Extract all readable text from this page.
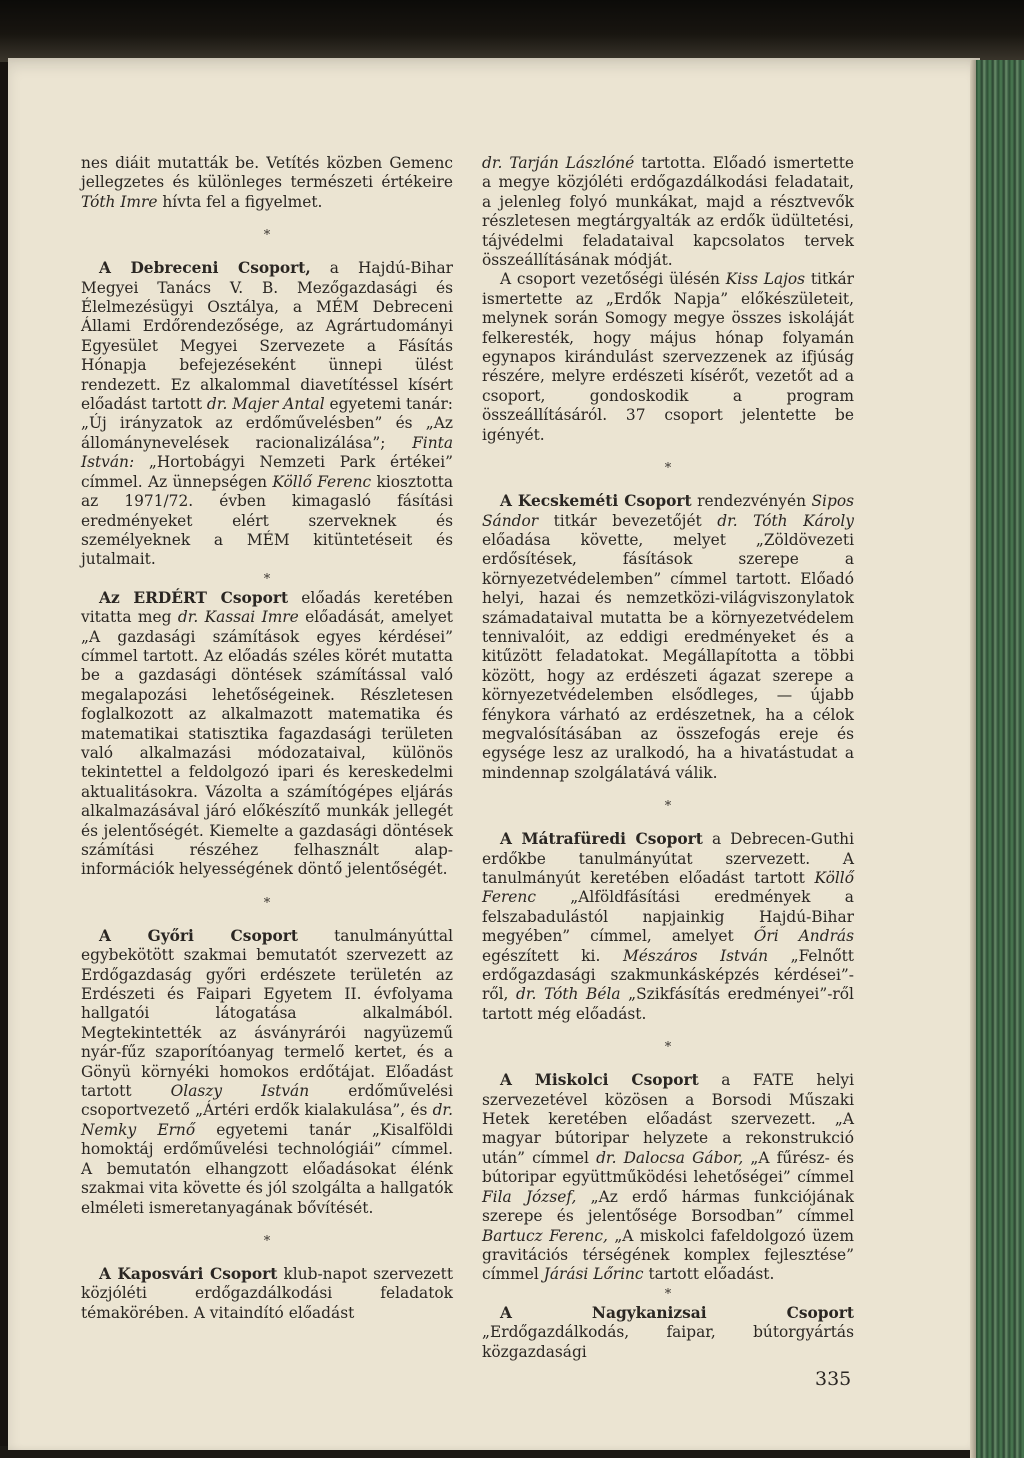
nes diáit mutatták be. Vetítés közben Gemenc jellegzetes és különleges természeti értékeire Tóth Imre hívta fel a figyelmet.

*

A Debreceni Csoport, a Hajdú-Bihar Megyei Tanács V. B. Mezőgazdasági és Élelmezésügyi Osztálya, a MÉM Debreceni Állami Erdőrendezősége, az Agrártudományi Egyesület Megyei Szervezete a Fásítás Hónapja befejezéseként ünnepi ülést rendezett. Ez alkalommal diavetítéssel kísért előadást tartott dr. Majer Antal egyetemi tanár: „Új irányzatok az erdőművelésben” és „Az állománynevelések racionalizálása”; Finta István: „Hortobágyi Nemzeti Park értékei” címmel. Az ünnepségen Köllő Ferenc kiosztotta az 1971/72. évben kimagasló fásítási eredményeket elért szerveknek és személyeknek a MÉM kitüntetéseit és jutalmait.

*

Az ERDÉRT Csoport előadás keretében vitatta meg dr. Kassai Imre előadását, amelyet „A gazdasági számítások egyes kérdései” címmel tartott. Az előadás széles körét mutatta be a gazdasági döntések számítással való megalapozási lehetőségeinek. Részletesen foglalkozott az alkalmazott matematika és matematikai statisztika fagazdasági területen való alkalmazási módozataival, különös tekintettel a feldolgozó ipari és kereskedelmi aktualitásokra. Vázolta a számítógépes eljárás alkalmazásával járó előkészítő munkák jellegét és jelentőségét. Kiemelte a gazdasági döntések számítási részéhez felhasznált alap-információk helyességének döntő jelentőségét.

*

A Győri Csoport tanulmányúttal egybekötött szakmai bemutatót szervezett az Erdőgazdaság győri erdészete területén az Erdészeti és Faipari Egyetem II. évfolyama hallgatói látogatása alkalmából. Megtekintették az ásványrárói nagyüzemű nyár-fűz szaporítóanyag termelő kertet, és a Gönyü környéki homokos erdőtájat. Előadást tartott Olaszy István erdőművelési csoportvezető „Ártéri erdők kialakulása”, és dr. Nemky Ernő egyetemi tanár „Kisalföldi homoktáj erdőművelési technológiái” címmel. A bemutatón elhangzott előadásokat élénk szakmai vita követte és jól szolgálta a hallgatók elméleti ismeretanyagának bővítését.

*

A Kaposvári Csoport klub-napot szervezett közjóléti erdőgazdálkodási feladatok témakörében. A vitaindító előadást

dr. Tarján Lászlóné tartotta. Előadó ismertette a megye közjóléti erdőgazdálkodási feladatait, a jelenleg folyó munkákat, majd a résztvevők részletesen megtárgyalták az erdők üdültetési, tájvédelmi feladataival kapcsolatos tervek összeállításának módját.

A csoport vezetőségi ülésén Kiss Lajos titkár ismertette az „Erdők Napja” előkészületeit, melynek során Somogy megye összes iskoláját felkeresték, hogy május hónap folyamán egynapos kirándulást szervezzenek az ifjúság részére, melyre erdészeti kísérőt, vezetőt ad a csoport, gondoskodik a program összeállításáról. 37 csoport jelentette be igényét.

*

A Kecskeméti Csoport rendezvényén Sipos Sándor titkár bevezetőjét dr. Tóth Károly előadása követte, melyet „Zöldövezeti erdősítések, fásítások szerepe a környezetvédelemben” címmel tartott. Előadó helyi, hazai és nemzetközi-világviszonylatok számadataival mutatta be a környezetvédelem tennivalóit, az eddigi eredményeket és a kitűzött feladatokat. Megállapította a többi között, hogy az erdészeti ágazat szerepe a környezetvédelemben elsődleges, — újabb fénykora várható az erdészetnek, ha a célok megvalósításában az összefogás ereje és egysége lesz az uralkodó, ha a hivatástudat a mindennap szolgálatává válik.

*

A Mátrafüredi Csoport a Debrecen-Guthi erdőkbe tanulmányútat szervezett. A tanulmányút keretében előadást tartott Köllő Ferenc „Alföldfásítási eredmények a felszabadulástól napjainkig Hajdú-Bihar megyében” címmel, amelyet Őri András egészített ki. Mészáros István „Felnőtt erdőgazdasági szakmunkásképzés kérdései”-ről, dr. Tóth Béla „Szikfásítás eredményei”-ről tartott még előadást.

*

A Miskolci Csoport a FATE helyi szervezetével közösen a Borsodi Műszaki Hetek keretében előadást szervezett. „A magyar bútoripar helyzete a rekonstrukció után” címmel dr. Dalocsa Gábor, „A fűrész- és bútoripar együttműködési lehetőségei” címmel Fila József, „Az erdő hármas funkciójának szerepe és jelentősége Borsodban” címmel Bartucz Ferenc, „A miskolci fafeldolgozó üzem gravitációs térségének komplex fejlesztése” címmel Járási Lőrinc tartott előadást.

*

A Nagykanizsai Csoport „Erdőgazdálkodás, faipar, bútorgyártás közgazdasági

335
